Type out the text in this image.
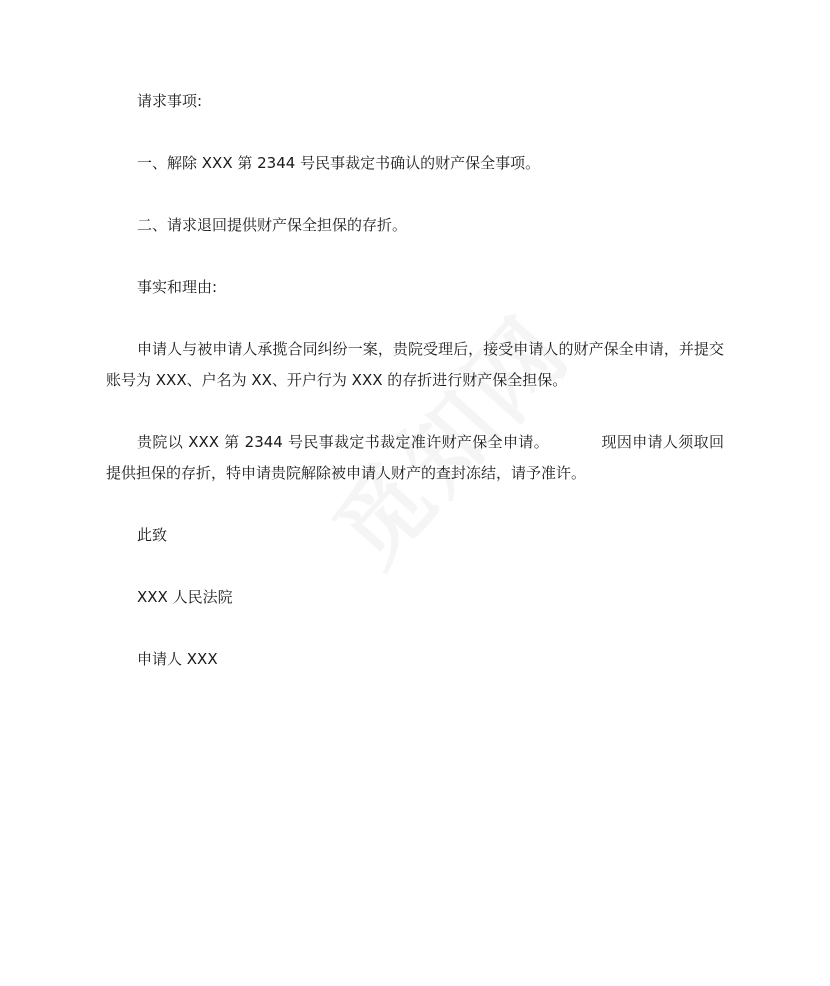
请求事项:

一、解除 XXX 第 2344 号民事裁定书确认的财产保全事项。

二、请求退回提供财产保全担保的存折。

事实和理由:

申请人与被申请人承揽合同纠纷一案，贵院受理后，接受申请人的财产保全申请，并提交账号为 XXX、户名为 XX、开户行为 XXX 的存折进行财产保全担保。

贵院以 XXX 第 2344 号民事裁定书裁定准许财产保全申请。	现因申请人须取回提供担保的存折，特申请贵院解除被申请人财产的查封冻结，请予准许。

此致

XXX 人民法院

申请人 XXX
